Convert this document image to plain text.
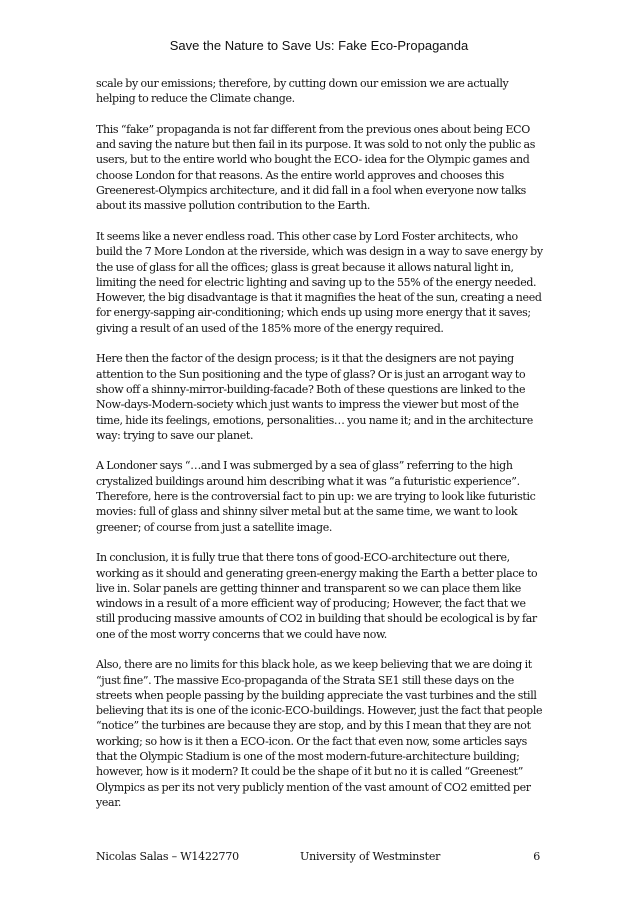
Save the Nature to Save Us: Fake Eco-Propaganda

scale by our emissions; therefore, by cutting down our emission we are actually helping to reduce the Climate change.

This “fake” propaganda is not far different from the previous ones about being ECO and saving the nature but then fail in its purpose. It was sold to not only the public as users, but to the entire world who bought the ECO- idea for the Olympic games and choose London for that reasons. As the entire world approves and chooses this Greenerest-Olympics architecture, and it did fall in a fool when everyone now talks about its massive pollution contribution to the Earth.

It seems like a never endless road. This other case by Lord Foster architects, who build the 7 More London at the riverside, which was design in a way to save energy by the use of glass for all the offices; glass is great because it allows natural light in, limiting the need for electric lighting and saving up to the 55% of the energy needed. However, the big disadvantage is that it magnifies the heat of the sun, creating a need for energy-sapping air-conditioning; which ends up using more energy that it saves; giving a result of an used of the 185% more of the energy required.

Here then the factor of the design process; is it that the designers are not paying attention to the Sun positioning and the type of glass? Or is just an arrogant way to show off a shinny-mirror-building-facade? Both of these questions are linked to the Now-days-Modern-society which just wants to impress the viewer but most of the time, hide its feelings, emotions, personalities… you name it; and in the architecture way: trying to save our planet.

A Londoner says “…and I was submerged by a sea of glass” referring to the high crystalized buildings around him describing what it was “a futuristic experience”. Therefore, here is the controversial fact to pin up: we are trying to look like futuristic movies: full of glass and shinny silver metal but at the same time, we want to look greener; of course from just a satellite image.

In conclusion, it is fully true that there tons of good-ECO-architecture out there, working as it should and generating green-energy making the Earth a better place to live in. Solar panels are getting thinner and transparent so we can place them like windows in a result of a more efficient way of producing; However, the fact that we still producing massive amounts of CO2 in building that should be ecological is by far one of the most worry concerns that we could have now.

Also, there are no limits for this black hole, as we keep believing that we are doing it “just fine”. The massive Eco-propaganda of the Strata SE1 still these days on the streets when people passing by the building appreciate the vast turbines and the still believing that its is one of the iconic-ECO-buildings. However, just the fact that people “notice” the turbines are because they are stop, and by this I mean that they are not working; so how is it then a ECO-icon. Or the fact that even now, some articles says that the Olympic Stadium is one of the most modern-future-architecture building; however, how is it modern? It could be the shape of it but no it is called “Greenest” Olympics as per its not very publicly mention of the vast amount of CO2 emitted per year.

Nicolas Salas – W1422770	University of Westminster	6
